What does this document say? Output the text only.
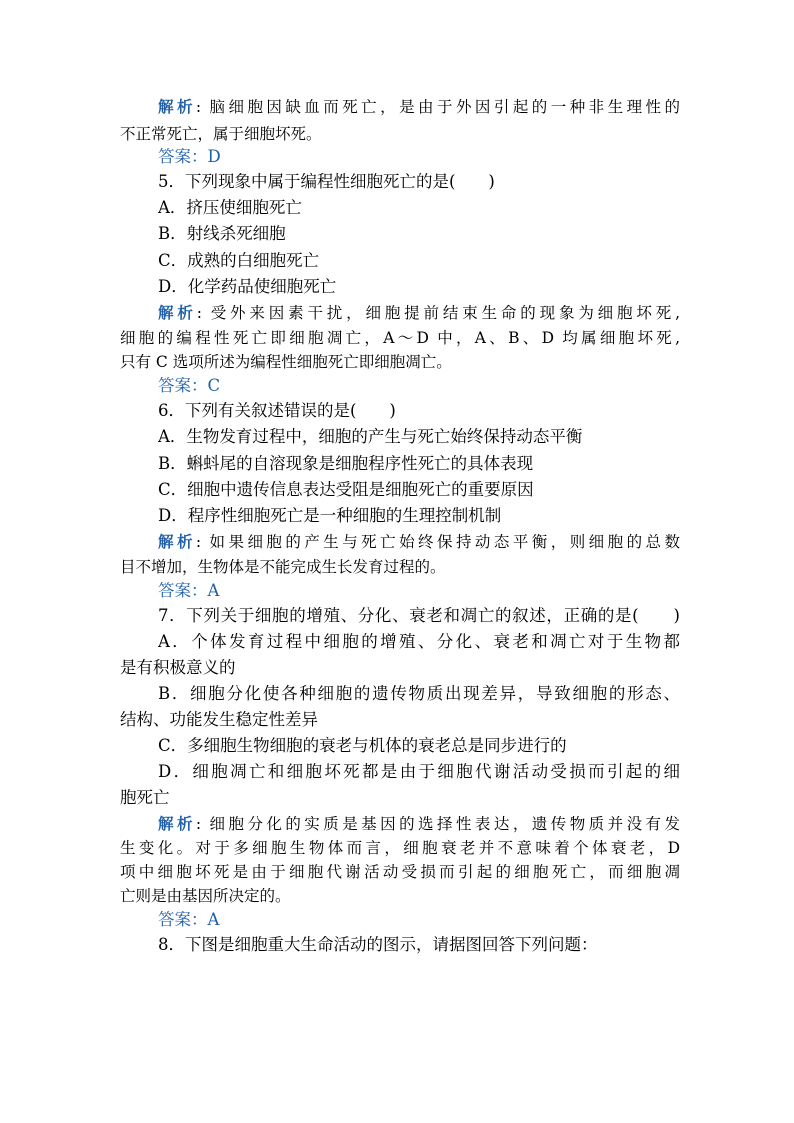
解析: 脑细胞因缺血而死亡，是由于外因引起的一种非生理性的
不正常死亡，属于细胞坏死。
答案：D
5．下列现象中属于编程性细胞死亡的是(　　)
A．挤压使细胞死亡
B．射线杀死细胞
C．成熟的白细胞死亡
D．化学药品使细胞死亡
解析: 受外来因素干扰，细胞提前结束生命的现象为细胞坏死,
细胞的编程性死亡即细胞凋亡，A～D 中，A、B、D 均属细胞坏死,
只有 C 选项所述为编程性细胞死亡即细胞凋亡。
答案：C
6．下列有关叙述错误的是(　　)
A．生物发育过程中，细胞的产生与死亡始终保持动态平衡
B．蝌蚪尾的自溶现象是细胞程序性死亡的具体表现
C．细胞中遗传信息表达受阻是细胞死亡的重要原因
D．程序性细胞死亡是一种细胞的生理控制机制
解析: 如果细胞的产生与死亡始终保持动态平衡，则细胞的总数
目不增加，生物体是不能完成生长发育过程的。
答案：A
7．下列关于细胞的增殖、分化、衰老和凋亡的叙述，正确的是(　　)
A．个体发育过程中细胞的增殖、分化、衰老和凋亡对于生物都
是有积极意义的
B．细胞分化使各种细胞的遗传物质出现差异，导致细胞的形态、
结构、功能发生稳定性差异
C．多细胞生物细胞的衰老与机体的衰老总是同步进行的
D．细胞凋亡和细胞坏死都是由于细胞代谢活动受损而引起的细
胞死亡
解析: 细胞分化的实质是基因的选择性表达，遗传物质并没有发
生变化。对于多细胞生物体而言，细胞衰老并不意味着个体衰老，D
项中细胞坏死是由于细胞代谢活动受损而引起的细胞死亡，而细胞凋
亡则是由基因所决定的。
答案：A
8．下图是细胞重大生命活动的图示，请据图回答下列问题：
